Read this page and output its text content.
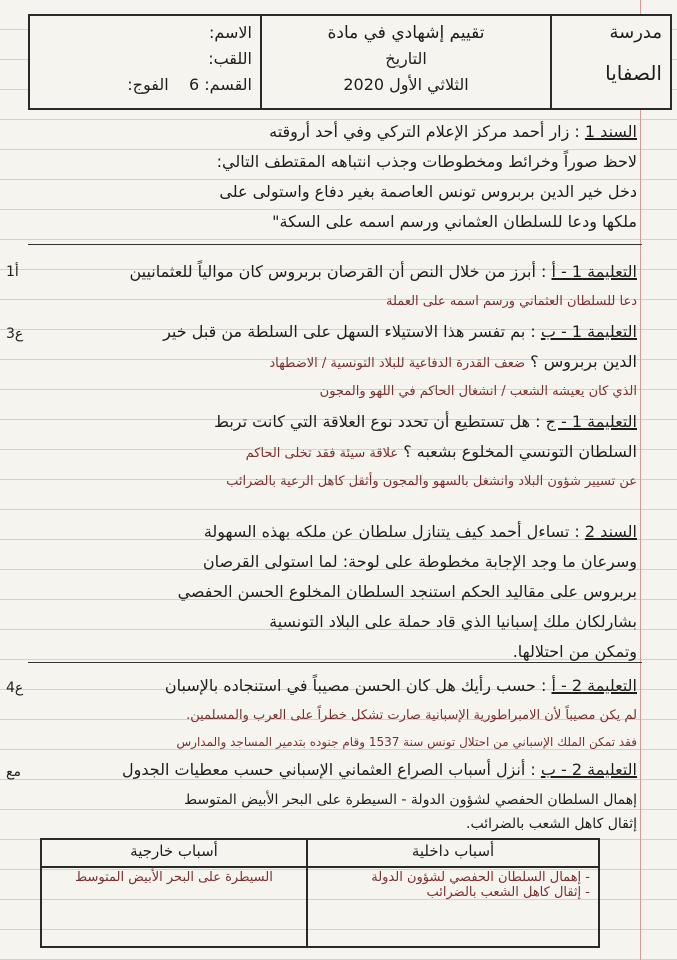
مدرسة
الصفايا
تقييم إشهادي في مادة
التاريخ
الثلاثي الأول 2020
الاسم:
اللقب:
القسم: 6    الفوج:
السند 1 : زار أحمد مركز الإعلام التركي وفي أحد أروقته
لاحظ صوراً وخرائط ومخطوطات وجذب انتباهه المقتطف التالي:
دخل خير الدين بربروس تونس العاصمة بغير دفاع واستولى على
ملكها ودعا للسلطان العثماني ورسم اسمه على السكة"
أ1	التعليمة 1 - أ : أبرز من خلال النص أن القرصان بربروس كان موالياً للعثمانيين
دعا للسلطان العثماني ورسم اسمه على العملة
ع3	التعليمة 1 - ب : بم تفسر هذا الاستيلاء السهل على السلطة من قبل خير
الدين بربروس ؟ ضعف القدرة الدفاعية للبلاد التونسية / الاضطهاد
الذي كان يعيشه الشعب / انشغال الحاكم في اللهو والمجون
التعليمة 1 - ج : هل تستطيع أن تحدد نوع العلاقة التي كانت تربط
السلطان التونسي المخلوع بشعبه ؟ علاقة سيئة فقد تخلى الحاكم
عن تسيير شؤون البلاد وانشغل بالسهو والمجون وأثقل كاهل الرعية بالضرائب
السند 2 : تساءل أحمد كيف يتنازل سلطان عن ملكه بهذه السهولة
وسرعان ما وجد الإجابة مخطوطة على لوحة: لما استولى القرصان
بربروس على مقاليد الحكم استنجد السلطان المخلوع الحسن الحفصي
بشارلكان ملك إسبانيا الذي قاد حملة على البلاد التونسية
وتمكن من احتلالها.
ع4	التعليمة 2 - أ : حسب رأيك هل كان الحسن مصيباً في استنجاده بالإسبان
لم يكن مصيباً لأن الامبراطورية الإسبانية صارت تشكل خطراً على العرب والمسلمين.
فقد تمكن الملك الإسباني من احتلال تونس سنة 1537 وقام جنوده بتدمير المساجد والمدارس
مع	التعليمة 2 - ب : أنزل أسباب الصراع العثماني الإسباني حسب معطيات الجدول
إهمال السلطان الحفصي لشؤون الدولة - السيطرة على البحر الأبيض المتوسط
إثقال كاهل الشعب بالضرائب.
أسباب داخلية	أسباب خارجية
- إهمال السلطان الحفصي لشؤون الدولة
- إثقال كاهل الشعب بالضرائب	السيطرة على البحر الأبيض المتوسط
